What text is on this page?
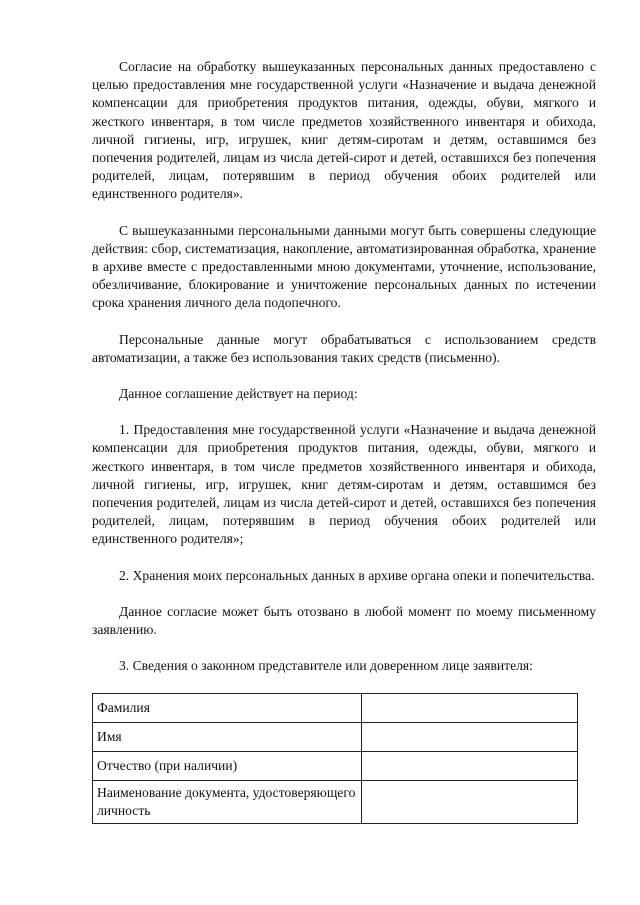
Согласие на обработку вышеуказанных персональных данных предоставлено с целью предоставления мне государственной услуги «Назначение и выдача денежной компенсации для приобретения продуктов питания, одежды, обуви, мягкого и жесткого инвентаря, в том числе предметов хозяйственного инвентаря и обихода, личной гигиены, игр, игрушек, книг детям-сиротам и детям, оставшимся без попечения родителей, лицам из числа детей-сирот и детей, оставшихся без попечения родителей, лицам, потерявшим в период обучения обоих родителей или единственного родителя».

С вышеуказанными персональными данными могут быть совершены следующие действия: сбор, систематизация, накопление, автоматизированная обработка, хранение в архиве вместе с предоставленными мною документами, уточнение, использование, обезличивание, блокирование и уничтожение персональных данных по истечении срока хранения личного дела подопечного.

Персональные данные могут обрабатываться с использованием средств автоматизации, а также без использования таких средств (письменно).

Данное соглашение действует на период:

1. Предоставления мне государственной услуги «Назначение и выдача денежной компенсации для приобретения продуктов питания, одежды, обуви, мягкого и жесткого инвентаря, в том числе предметов хозяйственного инвентаря и обихода, личной гигиены, игр, игрушек, книг детям-сиротам и детям, оставшимся без попечения родителей, лицам из числа детей-сирот и детей, оставшихся без попечения родителей, лицам, потерявшим в период обучения обоих родителей или единственного родителя»;

2. Хранения моих персональных данных в архиве органа опеки и попечительства.

Данное согласие может быть отозвано в любой момент по моему письменному заявлению.

3. Сведения о законном представителе или доверенном лице заявителя:

Фамилия	
Имя	
Отчество (при наличии)	
Наименование документа, удостоверяющего личность	
